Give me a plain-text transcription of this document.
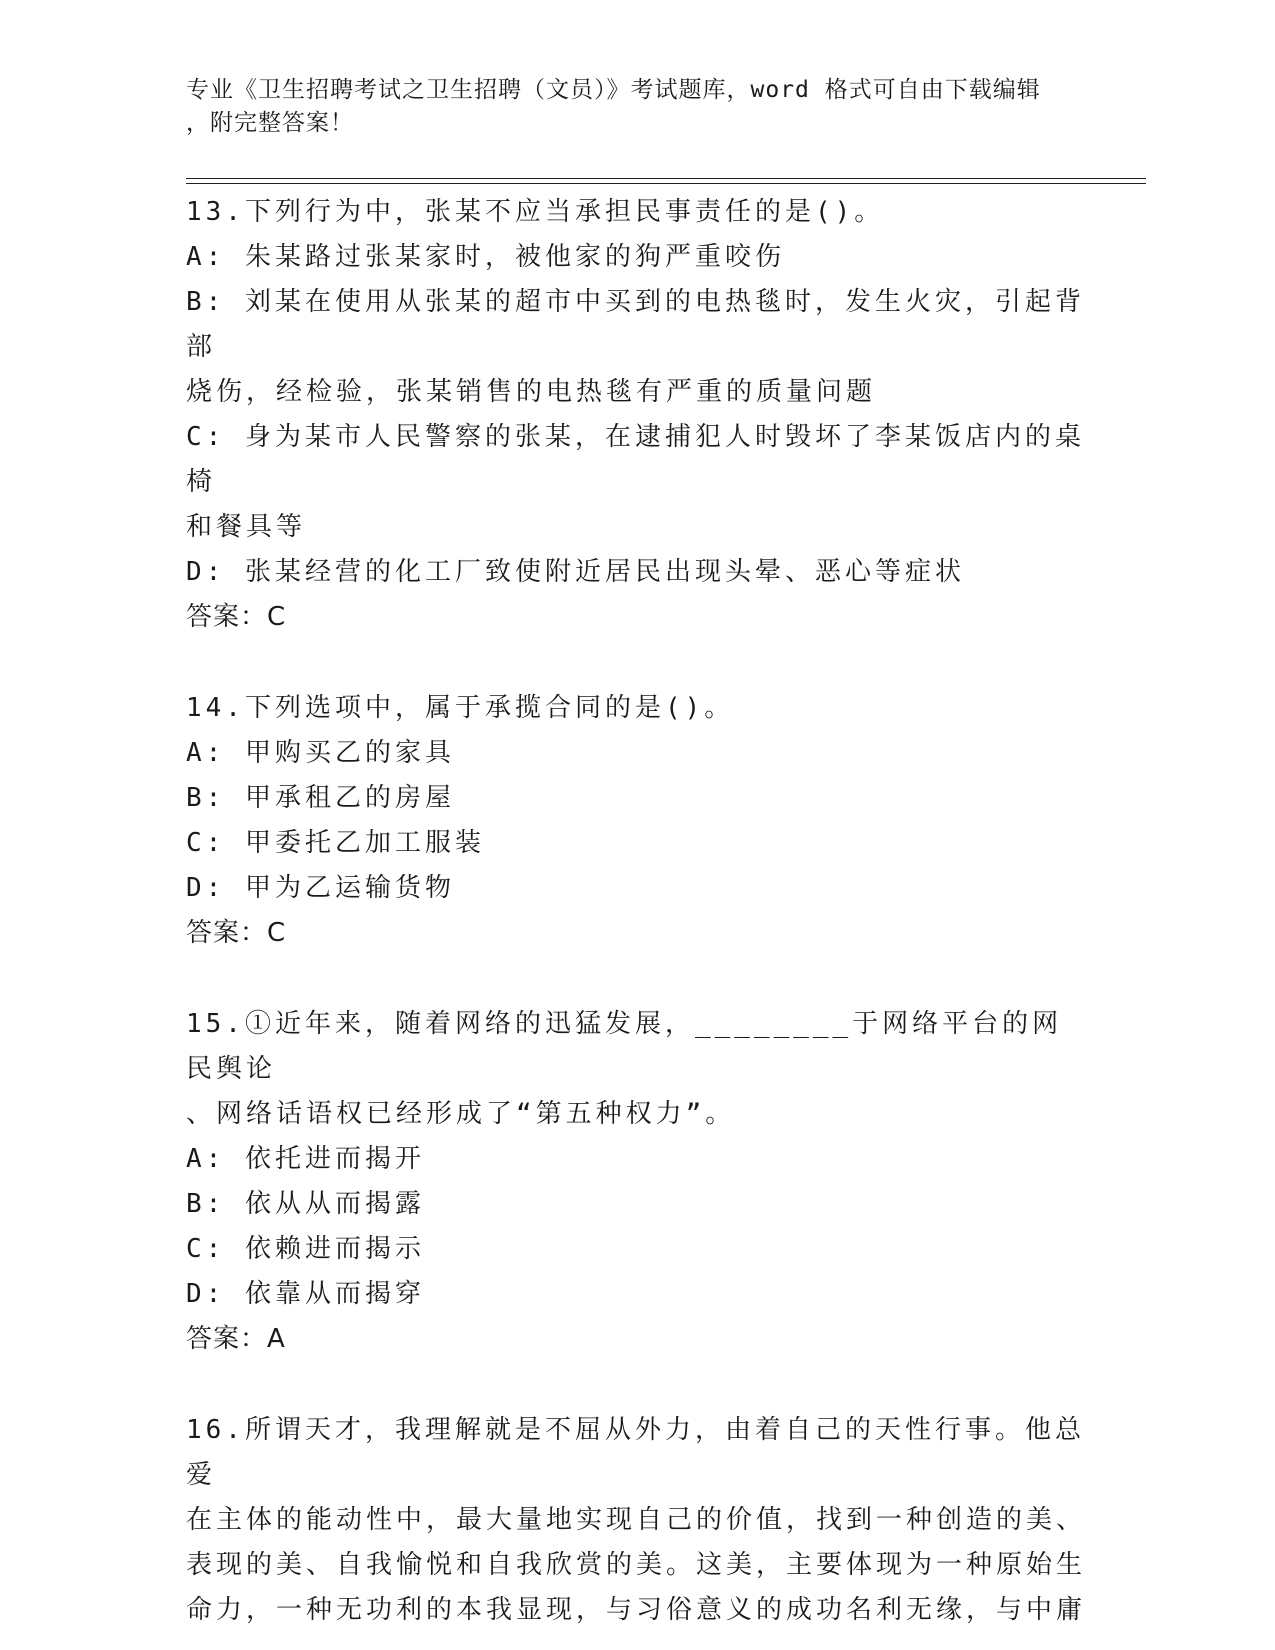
专业《卫生招聘考试之卫生招聘（文员）》考试题库，word 格式可自由下载编辑
，附完整答案！
13.下列行为中，张某不应当承担民事责任的是()。
A: 朱某路过张某家时，被他家的狗严重咬伤
B: 刘某在使用从张某的超市中买到的电热毯时，发生火灾，引起背部
烧伤，经检验，张某销售的电热毯有严重的质量问题
C: 身为某市人民警察的张某，在逮捕犯人时毁坏了李某饭店内的桌椅
和餐具等
D: 张某经营的化工厂致使附近居民出现头晕、恶心等症状
答案：C
14.下列选项中，属于承揽合同的是()。
A: 甲购买乙的家具
B: 甲承租乙的房屋
C: 甲委托乙加工服装
D: 甲为乙运输货物
答案：C
15.①近年来，随着网络的迅猛发展，________于网络平台的网民舆论
、网络话语权已经形成了“第五种权力”。
A: 依托进而揭开
B: 依从从而揭露
C: 依赖进而揭示
D: 依靠从而揭穿
答案：A
16.所谓天才，我理解就是不屈从外力，由着自己的天性行事。他总爱
在主体的能动性中，最大量地实现自己的价值，找到一种创造的美、
表现的美、自我愉悦和自我欣赏的美。这美，主要体现为一种原始生
命力，一种无功利的本我显现，与习俗意义的成功名利无缘，与中庸
